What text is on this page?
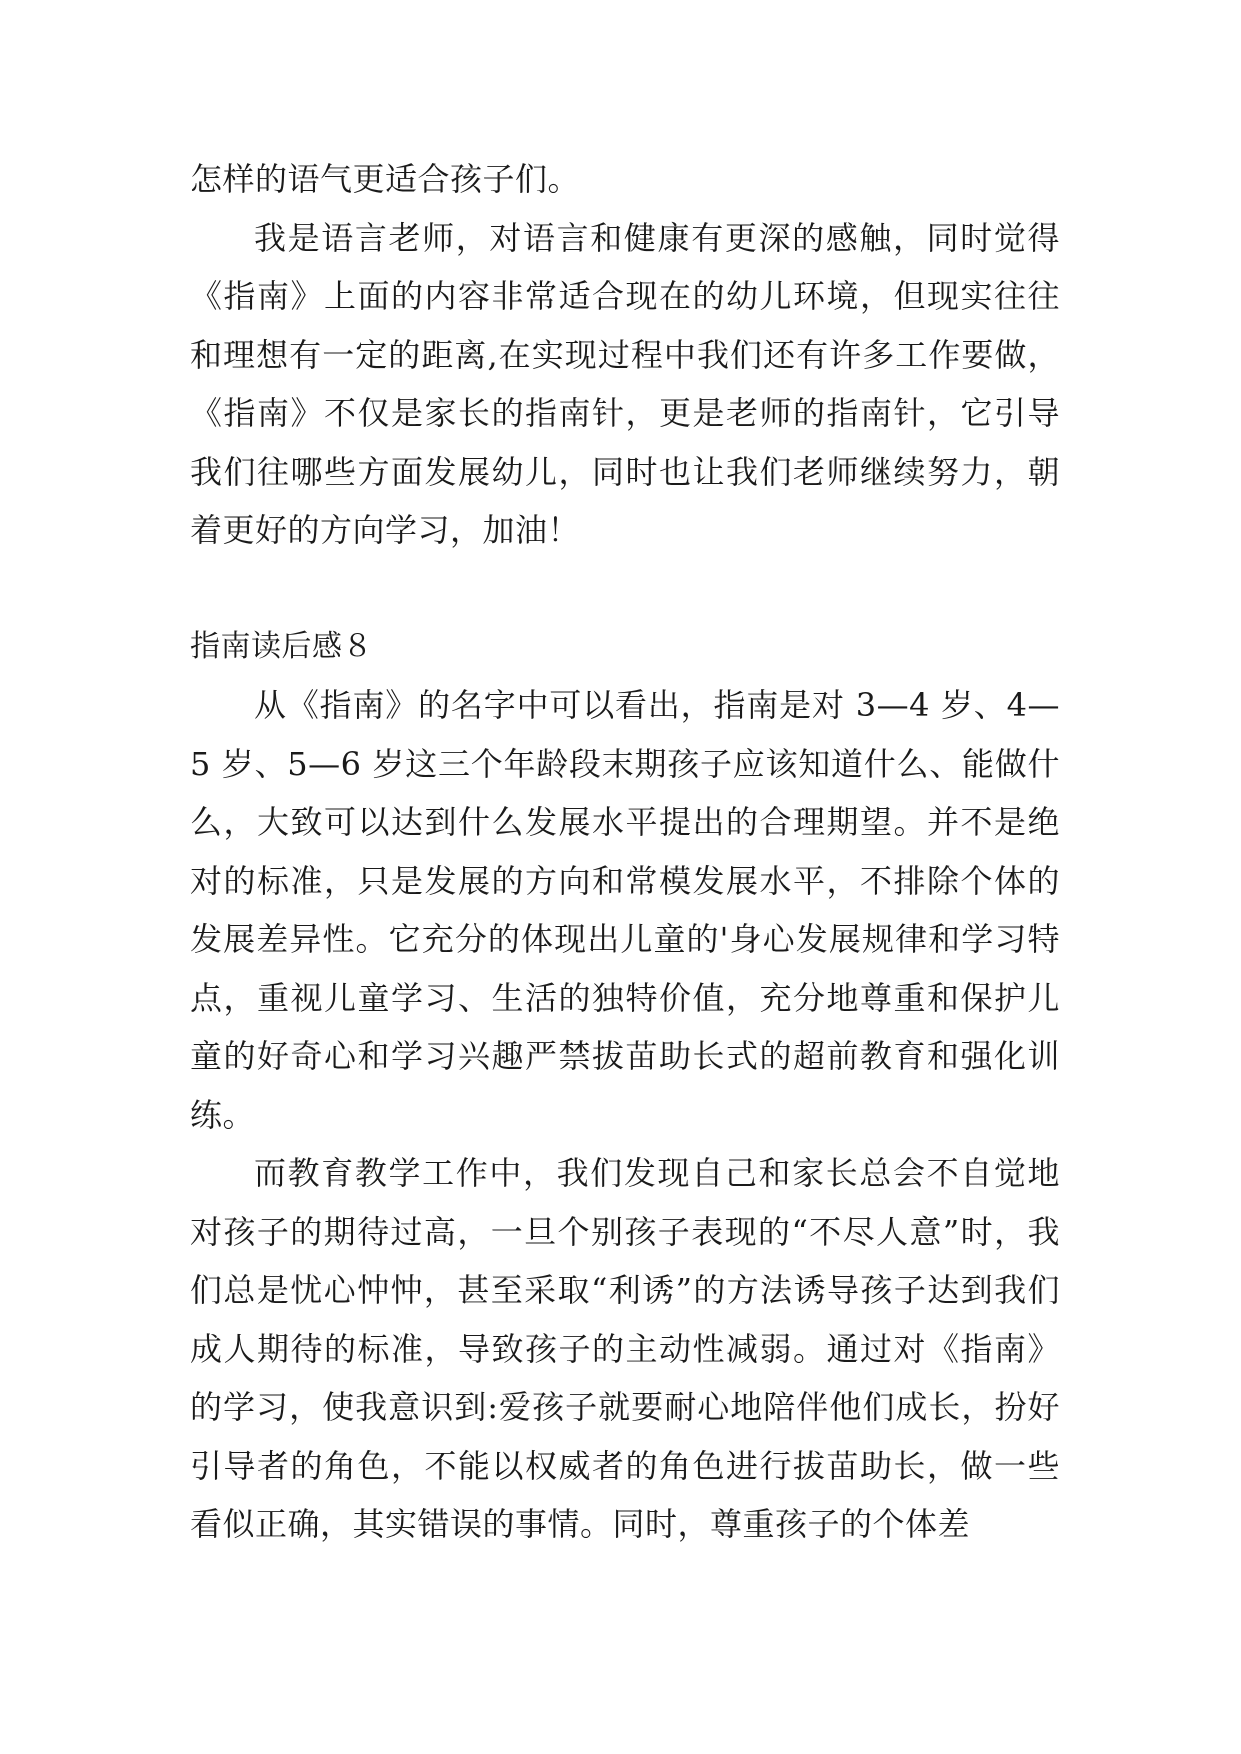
怎样的语气更适合孩子们。

我是语言老师，对语言和健康有更深的感触，同时觉得《指南》上面的内容非常适合现在的幼儿环境，但现实往往和理想有一定的距离,在实现过程中我们还有许多工作要做，《指南》不仅是家长的指南针，更是老师的指南针，它引导我们往哪些方面发展幼儿，同时也让我们老师继续努力，朝着更好的方向学习，加油！

指南读后感８

从《指南》的名字中可以看出，指南是对 3—4 岁、4—5 岁、5—6 岁这三个年龄段末期孩子应该知道什么、能做什么，大致可以达到什么发展水平提出的合理期望。并不是绝对的标准，只是发展的方向和常模发展水平，不排除个体的发展差异性。它充分的体现出儿童的'身心发展规律和学习特点，重视儿童学习、生活的独特价值，充分地尊重和保护儿童的好奇心和学习兴趣严禁拔苗助长式的超前教育和强化训练。

而教育教学工作中，我们发现自己和家长总会不自觉地对孩子的期待过高，一旦个别孩子表现的“不尽人意”时，我们总是忧心忡忡，甚至采取“利诱”的方法诱导孩子达到我们成人期待的标准，导致孩子的主动性减弱。通过对《指南》的学习，使我意识到:爱孩子就要耐心地陪伴他们成长，扮好引导者的角色，不能以权威者的角色进行拔苗助长，做一些看似正确，其实错误的事情。同时，尊重孩子的个体差
